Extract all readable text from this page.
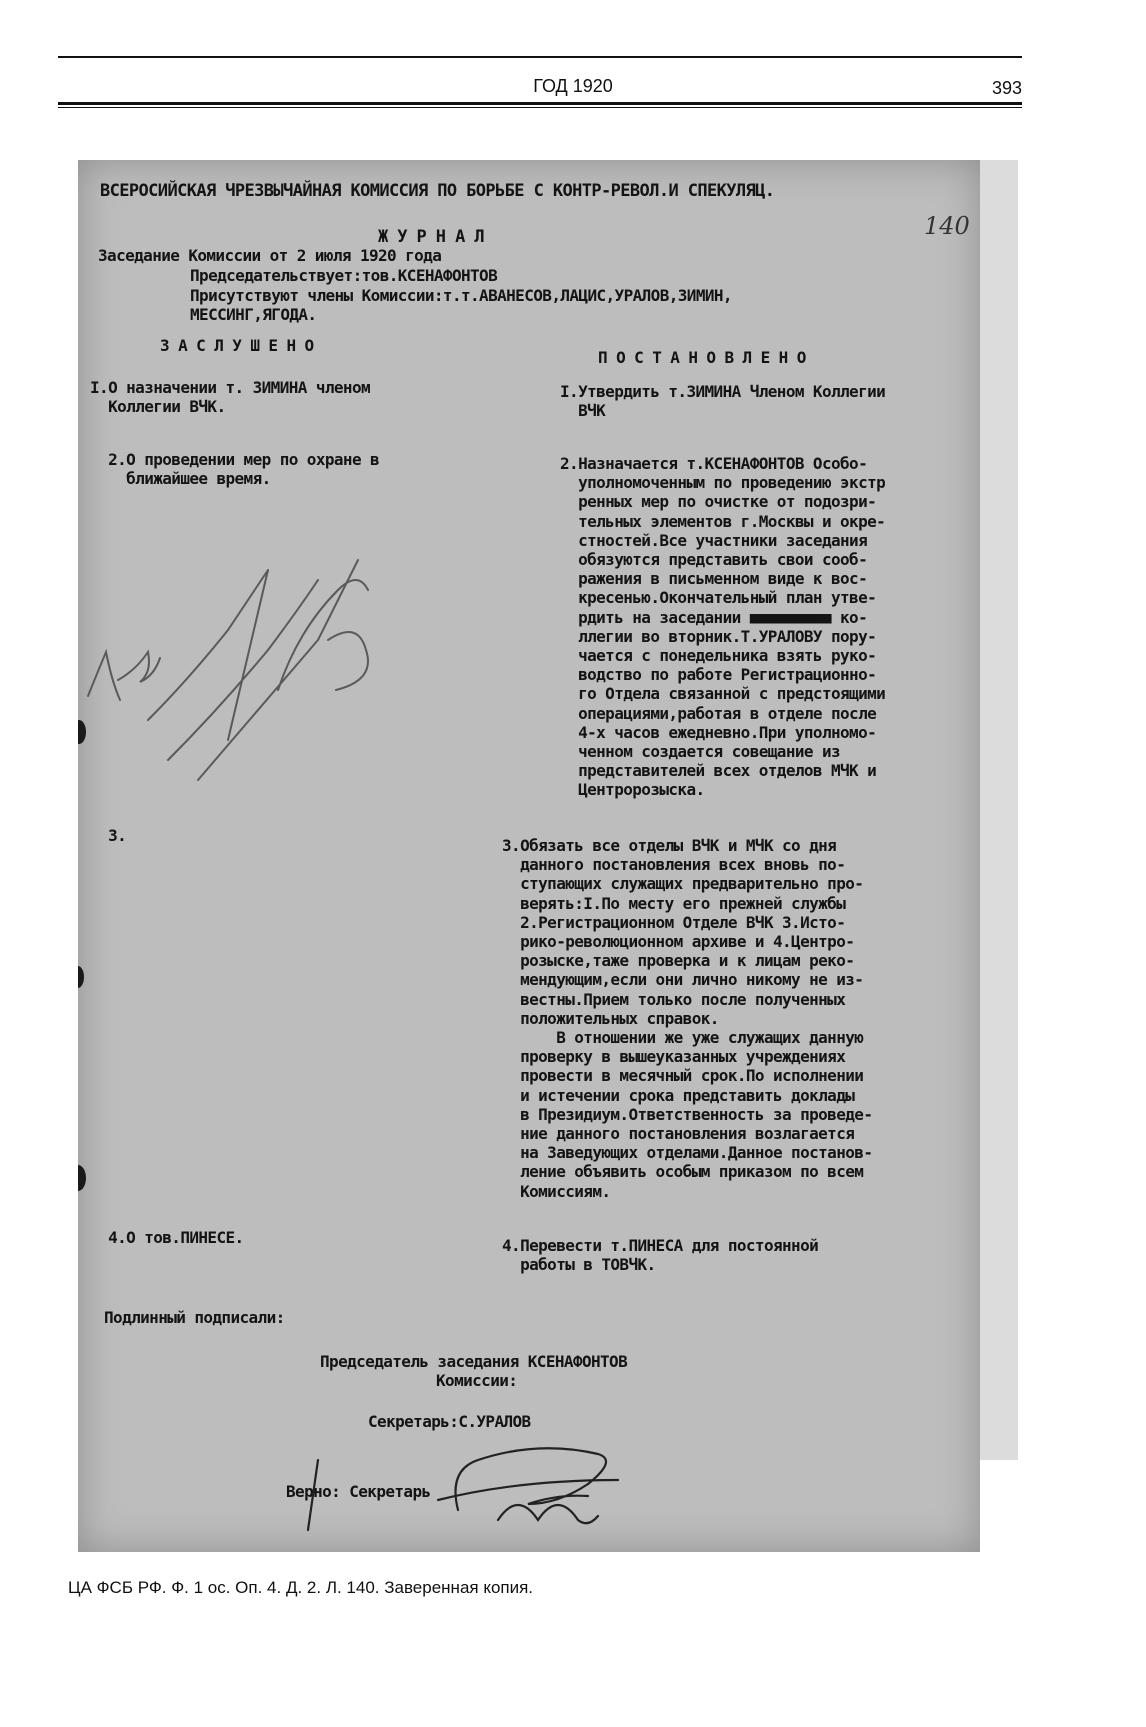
ГОД 1920	393
ВСЕРОСИЙСКАЯ ЧРЕЗВЫЧАЙНАЯ КОМИССИЯ ПО БОРЬБЕ С КОНТР-РЕВОЛ.И СПЕКУЛЯЦ.
140
Ж У Р Н А Л
Заседание Комиссии от 2 июля 1920 года
Председательствует:тов.КСЕНАФОНТОВ
Присутствуют члены Комиссии:т.т.АВАНЕСОВ,ЛАЦИС,УРАЛОВ,ЗИМИН,
МЕССИНГ,ЯГОДА.
З А С Л У Ш Е Н О
П О С Т А Н О В Л Е Н О
I.О назначении т. ЗИМИНА членом
Коллегии ВЧК.
I.Утвердить т.ЗИМИНА Членом Коллегии
ВЧК
2.О проведении мер по охране в
ближайшее время.
2.Назначается т.КСЕНАФОНТОВ Особо-
уполномоченным по проведению экстр
ренных мер по очистке от подозри-
тельных элементов г.Москвы и окре-
стностей.Все участники заседания
обязуются представить свои сооб-
ражения в письменном виде к вос-
кресенью.Окончательный план утве-
рдить на заседании ■■■■■■■■■ ко-
ллегии во вторник.Т.УРАЛОВУ пору-
чается с понедельника взять руко-
водство по работе Регистрационно-
го Отдела связанной с предстоящими
операциями,работая в отделе после
4-х часов ежедневно.При уполномо-
ченном создается совещание из
представителей всех отделов МЧК и
Центророзыска.
3.
3.Обязать все отделы ВЧК и МЧК со дня
данного постановления всех вновь по-
ступающих служащих предварительно про-
верять:I.По месту его прежней службы
2.Регистрационном Отделе ВЧК 3.Исто-
рико-революционном архиве и 4.Центро-
розыске,таже проверка и к лицам реко-
мендующим,если они лично никому не из-
вестны.Прием только после полученных
положительных справок.
В отношении же уже служащих данную
проверку в вышеуказанных учреждениях
провести в месячный срок.По исполнении
и истечении срока представить доклады
в Президиум.Ответственность за проведе-
ние данного постановления возлагается
на Заведующих отделами.Данное постанов-
ление объявить особым приказом по всем
Комиссиям.
4.О тов.ПИНЕСЕ.	4.Перевести т.ПИНЕСА для постоянной
работы в ТОВЧК.
Подлинный подписали:
Председатель заседания КСЕНАФОНТОВ
Комиссии:
Секретарь:С.УРАЛОВ
Верно: Секретарь
ЦА ФСБ РФ. Ф. 1 ос. Оп. 4. Д. 2. Л. 140. Заверенная копия.
